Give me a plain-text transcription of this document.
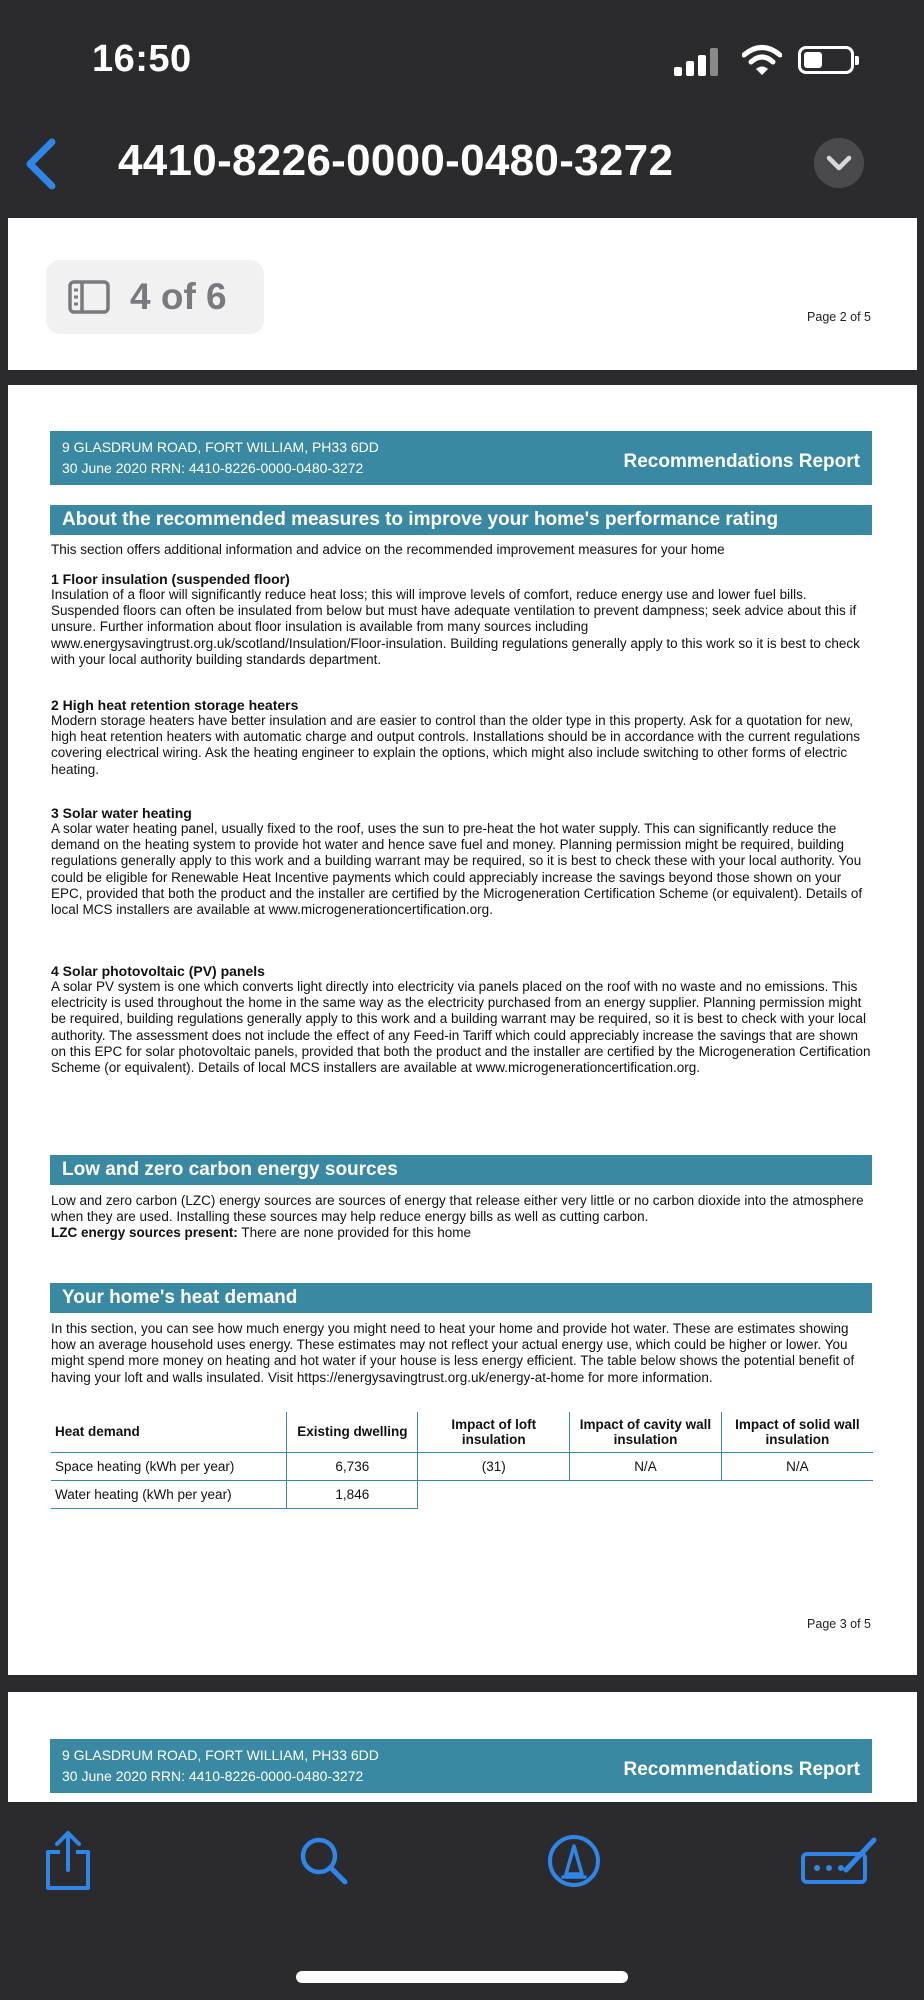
16:50
4410-8226-0000-0480-3272
4 of 6	Page 2 of 5
9 GLASDRUM ROAD, FORT WILLIAM, PH33 6DD
30 June 2020 RRN: 4410-8226-0000-0480-3272	Recommendations Report
About the recommended measures to improve your home's performance rating
This section offers additional information and advice on the recommended improvement measures for your home
1 Floor insulation (suspended floor)
Insulation of a floor will significantly reduce heat loss; this will improve levels of comfort, reduce energy use and lower fuel bills. Suspended floors can often be insulated from below but must have adequate ventilation to prevent dampness; seek advice about this if unsure. Further information about floor insulation is available from many sources including www.energysavingtrust.org.uk/scotland/Insulation/Floor-insulation. Building regulations generally apply to this work so it is best to check with your local authority building standards department.
2 High heat retention storage heaters
Modern storage heaters have better insulation and are easier to control than the older type in this property. Ask for a quotation for new, high heat retention heaters with automatic charge and output controls. Installations should be in accordance with the current regulations covering electrical wiring. Ask the heating engineer to explain the options, which might also include switching to other forms of electric heating.
3 Solar water heating
A solar water heating panel, usually fixed to the roof, uses the sun to pre-heat the hot water supply. This can significantly reduce the demand on the heating system to provide hot water and hence save fuel and money. Planning permission might be required, building regulations generally apply to this work and a building warrant may be required, so it is best to check these with your local authority. You could be eligible for Renewable Heat Incentive payments which could appreciably increase the savings beyond those shown on your EPC, provided that both the product and the installer are certified by the Microgeneration Certification Scheme (or equivalent). Details of local MCS installers are available at www.microgenerationcertification.org.
4 Solar photovoltaic (PV) panels
A solar PV system is one which converts light directly into electricity via panels placed on the roof with no waste and no emissions. This electricity is used throughout the home in the same way as the electricity purchased from an energy supplier. Planning permission might be required, building regulations generally apply to this work and a building warrant may be required, so it is best to check with your local authority. The assessment does not include the effect of any Feed-in Tariff which could appreciably increase the savings that are shown on this EPC for solar photovoltaic panels, provided that both the product and the installer are certified by the Microgeneration Certification Scheme (or equivalent). Details of local MCS installers are available at www.microgenerationcertification.org.
Low and zero carbon energy sources
Low and zero carbon (LZC) energy sources are sources of energy that release either very little or no carbon dioxide into the atmosphere when they are used. Installing these sources may help reduce energy bills as well as cutting carbon.
LZC energy sources present: There are none provided for this home
Your home's heat demand
In this section, you can see how much energy you might need to heat your home and provide hot water. These are estimates showing how an average household uses energy. These estimates may not reflect your actual energy use, which could be higher or lower. You might spend more money on heating and hot water if your house is less energy efficient. The table below shows the potential benefit of having your loft and walls insulated. Visit https://energysavingtrust.org.uk/energy-at-home for more information.
Heat demand	Existing dwelling	Impact of loft insulation	Impact of cavity wall insulation	Impact of solid wall insulation
Space heating (kWh per year)	6,736	(31)	N/A	N/A
Water heating (kWh per year)	1,846			
Page 3 of 5
9 GLASDRUM ROAD, FORT WILLIAM, PH33 6DD
30 June 2020 RRN: 4410-8226-0000-0480-3272	Recommendations Report
